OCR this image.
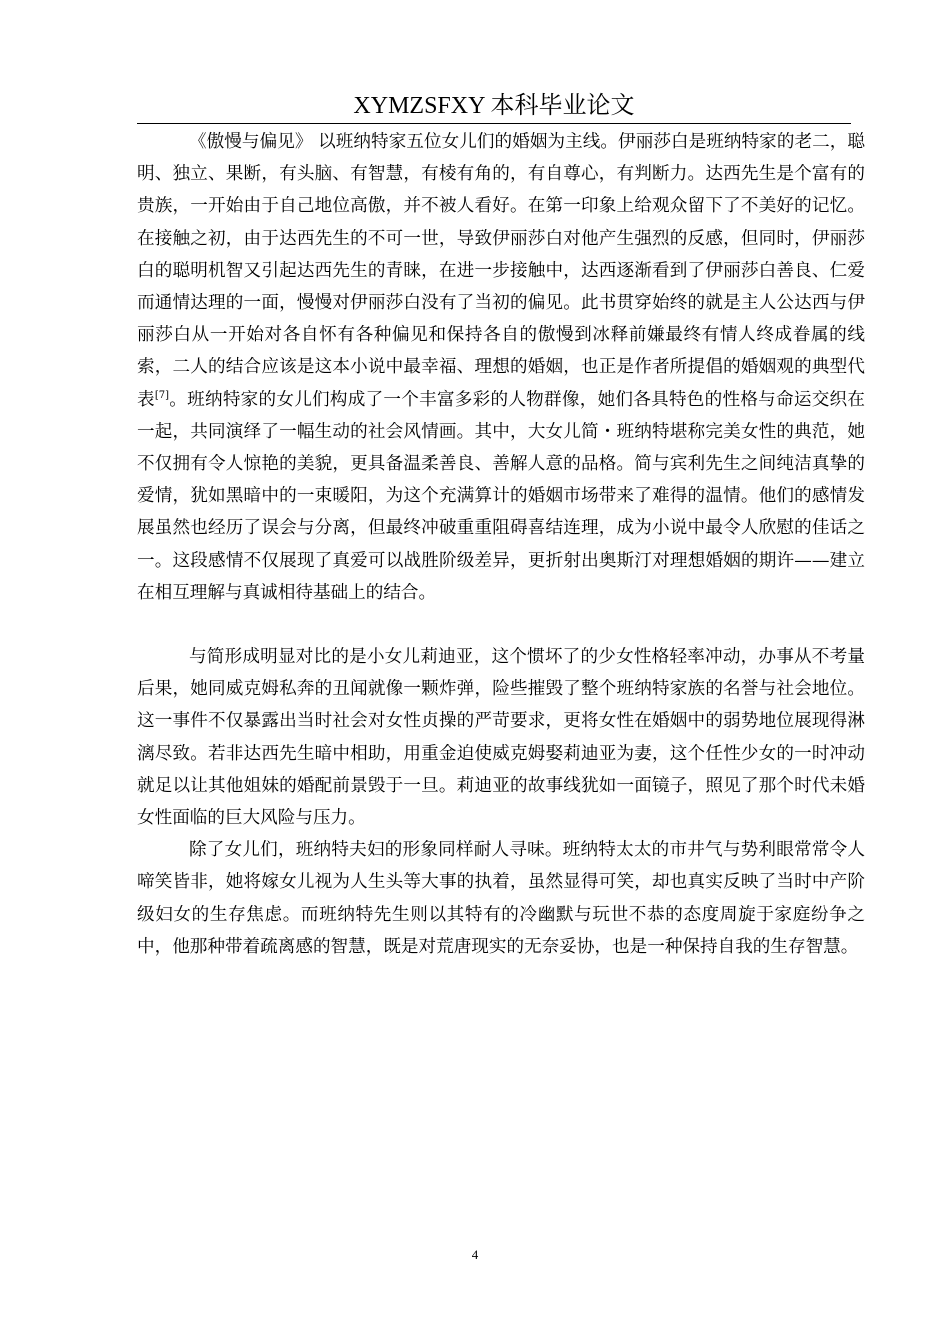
XYMZSFXY 本科毕业论文

《傲慢与偏见》 以班纳特家五位女儿们的婚姻为主线。伊丽莎白是班纳特家的老二，聪明、独立、果断，有头脑、有智慧，有棱有角的，有自尊心，有判断力。达西先生是个富有的贵族，一开始由于自己地位高傲，并不被人看好。在第一印象上给观众留下了不美好的记忆。在接触之初，由于达西先生的不可一世，导致伊丽莎白对他产生强烈的反感，但同时，伊丽莎白的聪明机智又引起达西先生的青睐，在进一步接触中，达西逐渐看到了伊丽莎白善良、仁爱而通情达理的一面，慢慢对伊丽莎白没有了当初的偏见。此书贯穿始终的就是主人公达西与伊丽莎白从一开始对各自怀有各种偏见和保持各自的傲慢到冰释前嫌最终有情人终成眷属的线索，二人的结合应该是这本小说中最幸福、理想的婚姻，也正是作者所提倡的婚姻观的典型代表[7]。班纳特家的女儿们构成了一个丰富多彩的人物群像，她们各具特色的性格与命运交织在一起，共同演绎了一幅生动的社会风情画。其中，大女儿简・班纳特堪称完美女性的典范，她不仅拥有令人惊艳的美貌，更具备温柔善良、善解人意的品格。简与宾利先生之间纯洁真挚的爱情，犹如黑暗中的一束暖阳，为这个充满算计的婚姻市场带来了难得的温情。他们的感情发展虽然也经历了误会与分离，但最终冲破重重阻碍喜结连理，成为小说中最令人欣慰的佳话之一。这段感情不仅展现了真爱可以战胜阶级差异，更折射出奥斯汀对理想婚姻的期许——建立在相互理解与真诚相待基础上的结合。

与简形成明显对比的是小女儿莉迪亚，这个惯坏了的少女性格轻率冲动，办事从不考量后果，她同威克姆私奔的丑闻就像一颗炸弹，险些摧毁了整个班纳特家族的名誉与社会地位。这一事件不仅暴露出当时社会对女性贞操的严苛要求，更将女性在婚姻中的弱势地位展现得淋漓尽致。若非达西先生暗中相助，用重金迫使威克姆娶莉迪亚为妻，这个任性少女的一时冲动就足以让其他姐妹的婚配前景毁于一旦。莉迪亚的故事线犹如一面镜子，照见了那个时代未婚女性面临的巨大风险与压力。

除了女儿们，班纳特夫妇的形象同样耐人寻味。班纳特太太的市井气与势利眼常常令人啼笑皆非，她将嫁女儿视为人生头等大事的执着，虽然显得可笑，却也真实反映了当时中产阶级妇女的生存焦虑。而班纳特先生则以其特有的冷幽默与玩世不恭的态度周旋于家庭纷争之中，他那种带着疏离感的智慧，既是对荒唐现实的无奈妥协，也是一种保持自我的生存智慧。

4
